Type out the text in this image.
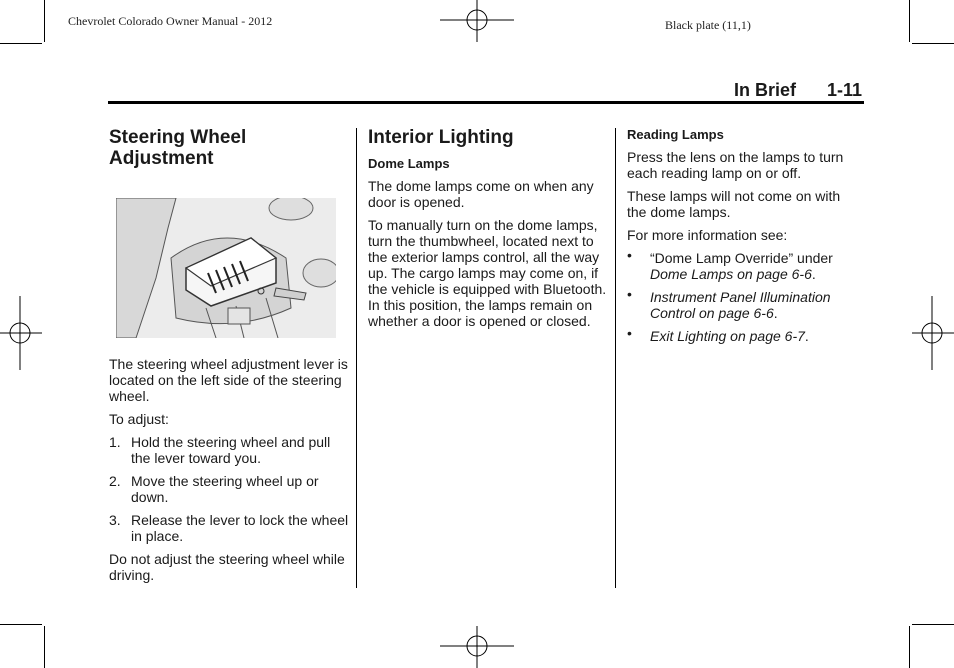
Chevrolet Colorado Owner Manual - 2012	Black plate (11,1)
In Brief 1-11
Steering Wheel Adjustment

The steering wheel adjustment lever is located on the left side of the steering wheel.

To adjust:

1. Hold the steering wheel and pull the lever toward you.
2. Move the steering wheel up or down.
3. Release the lever to lock the wheel in place.

Do not adjust the steering wheel while driving.

Interior Lighting
Dome Lamps

The dome lamps come on when any door is opened.

To manually turn on the dome lamps, turn the thumbwheel, located next to the exterior lamps control, all the way up. The cargo lamps may come on, if the vehicle is equipped with Bluetooth. In this position, the lamps remain on whether a door is opened or closed.

Reading Lamps

Press the lens on the lamps to turn each reading lamp on or off.

These lamps will not come on with the dome lamps.

For more information see:

• “Dome Lamp Override” under
Dome Lamps on page 6-6.
• Instrument Panel Illumination Control on page 6-6.
• Exit Lighting on page 6-7.
